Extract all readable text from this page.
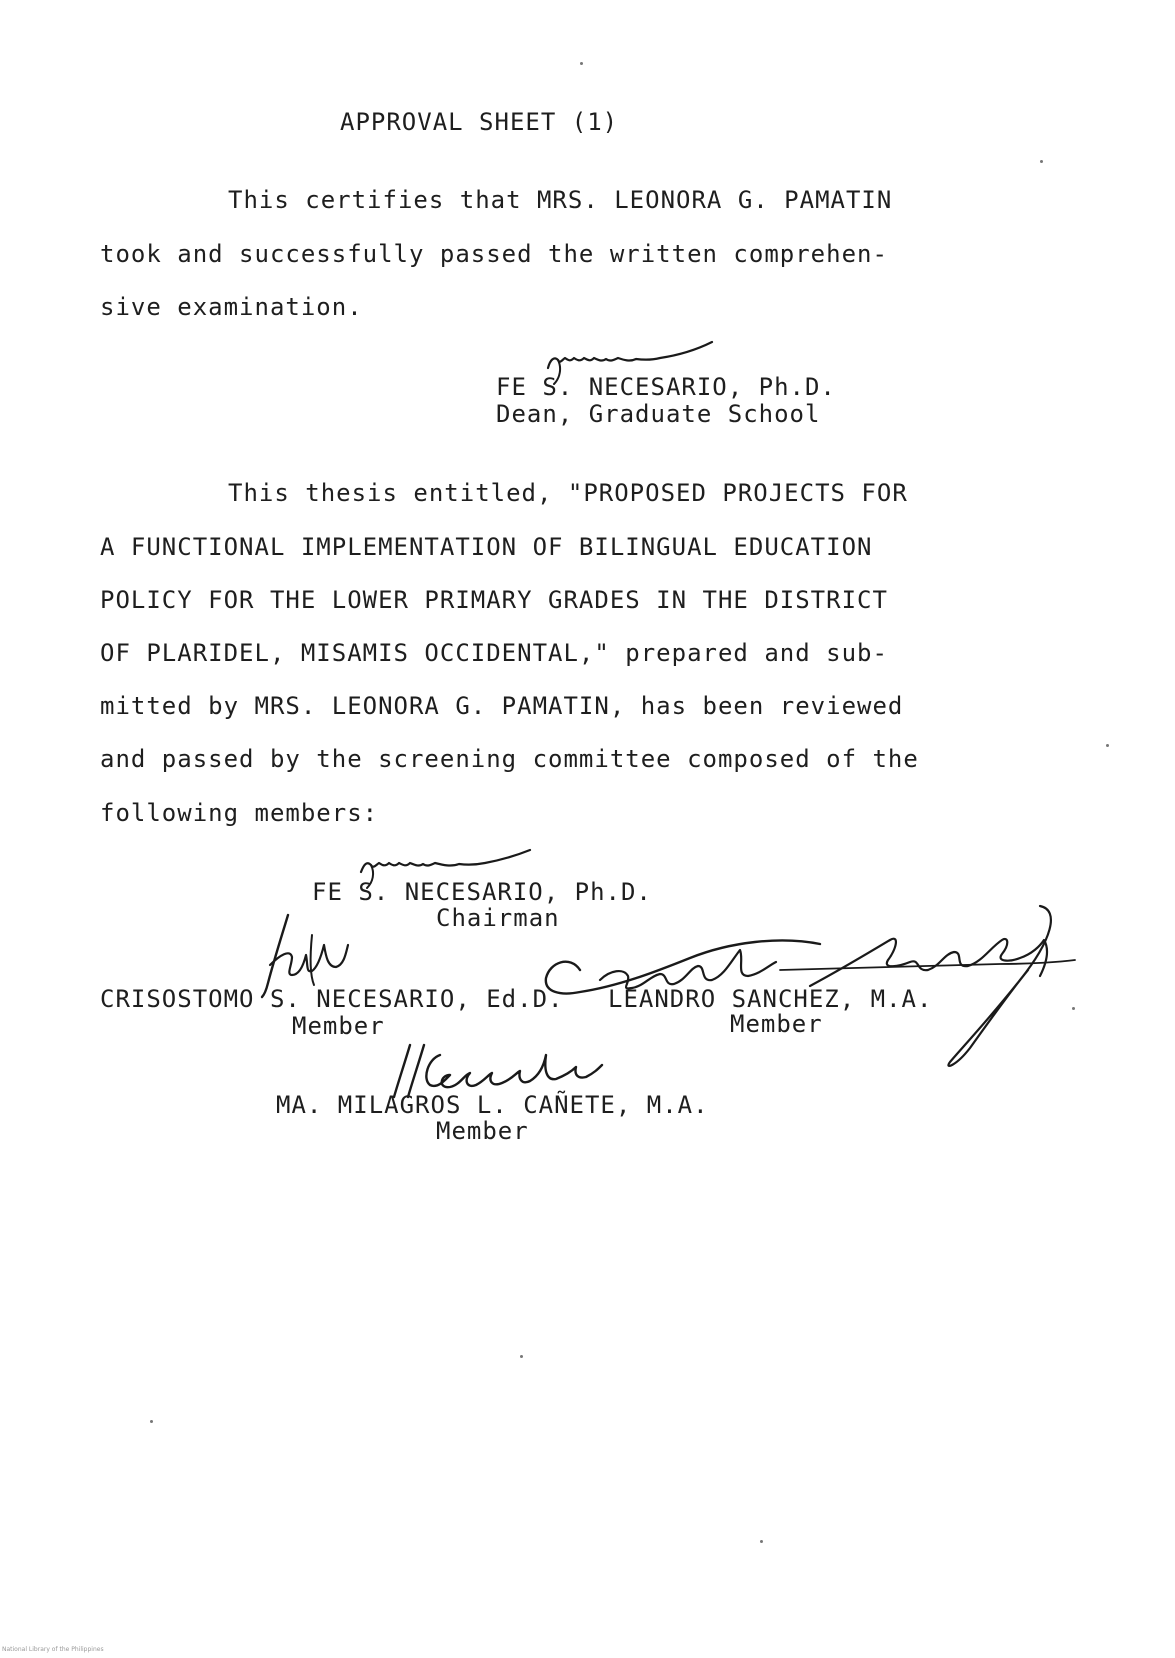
APPROVAL SHEET (1)
This certifies that MRS. LEONORA G. PAMATIN
took and successfully passed the written comprehen-
sive examination.
FE S. NECESARIO, Ph.D.
Dean, Graduate School
This thesis entitled, "PROPOSED PROJECTS FOR
A FUNCTIONAL IMPLEMENTATION OF BILINGUAL EDUCATION
POLICY FOR THE LOWER PRIMARY GRADES IN THE DISTRICT
OF PLARIDEL, MISAMIS OCCIDENTAL," prepared and sub-
mitted by MRS. LEONORA G. PAMATIN, has been reviewed
and passed by the screening committee composed of the
following members:
FE S. NECESARIO, Ph.D.
Chairman
CRISOSTOMO S. NECESARIO, Ed.D.
Member
LEANDRO SANCHEZ, M.A.
Member
MA. MILAGROS L. CAÑETE, M.A.
Member
National Library of the Philippines
